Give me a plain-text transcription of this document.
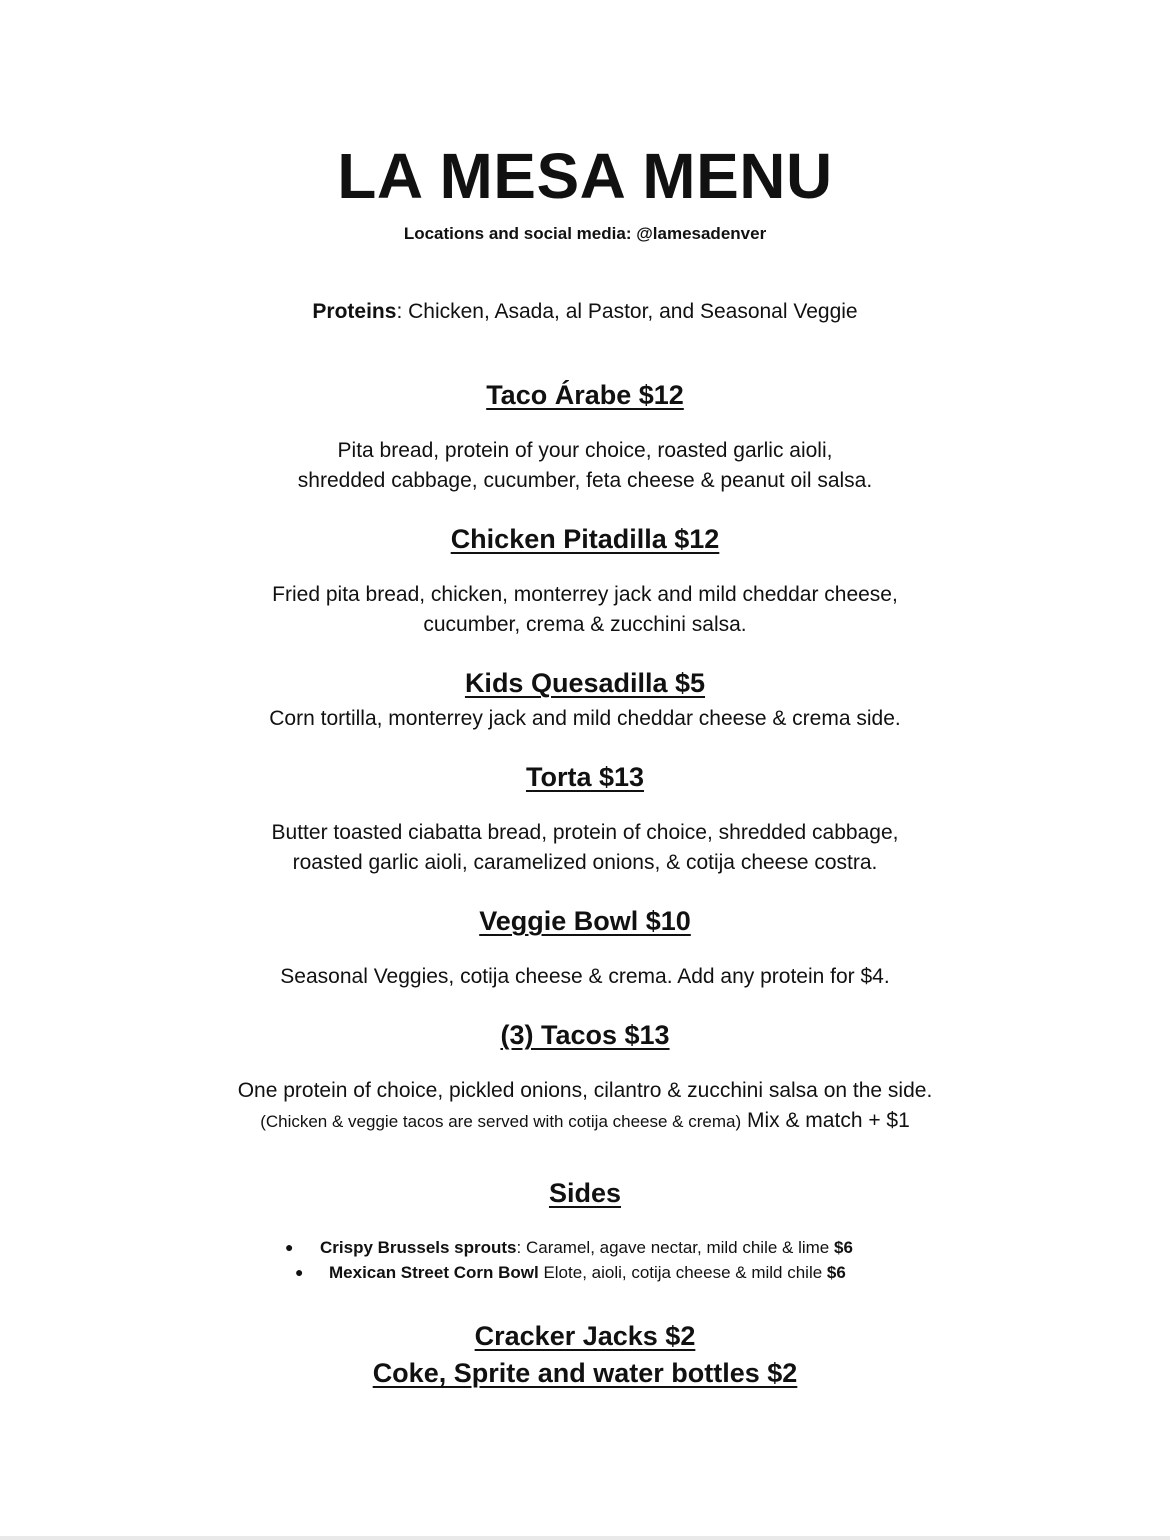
LA MESA MENU
Locations and social media: @lamesadenver
Proteins: Chicken, Asada, al Pastor, and Seasonal Veggie
Taco Árabe $12
Pita bread, protein of your choice, roasted garlic aioli,
shredded cabbage, cucumber, feta cheese & peanut oil salsa.
Chicken Pitadilla $12
Fried pita bread, chicken, monterrey jack and mild cheddar cheese,
cucumber, crema & zucchini salsa.
Kids Quesadilla $5
Corn tortilla, monterrey jack and mild cheddar cheese & crema side.
Torta $13
Butter toasted ciabatta bread, protein of choice, shredded cabbage,
roasted garlic aioli, caramelized onions, & cotija cheese costra.
Veggie Bowl $10
Seasonal Veggies, cotija cheese & crema. Add any protein for $4.
(3) Tacos $13
One protein of choice, pickled onions, cilantro & zucchini salsa on the side.
(Chicken & veggie tacos are served with cotija cheese & crema) Mix & match + $1
Sides
● Crispy Brussels sprouts: Caramel, agave nectar, mild chile & lime $6
● Mexican Street Corn Bowl Elote, aioli, cotija cheese & mild chile $6
Cracker Jacks $2
Coke, Sprite and water bottles $2
